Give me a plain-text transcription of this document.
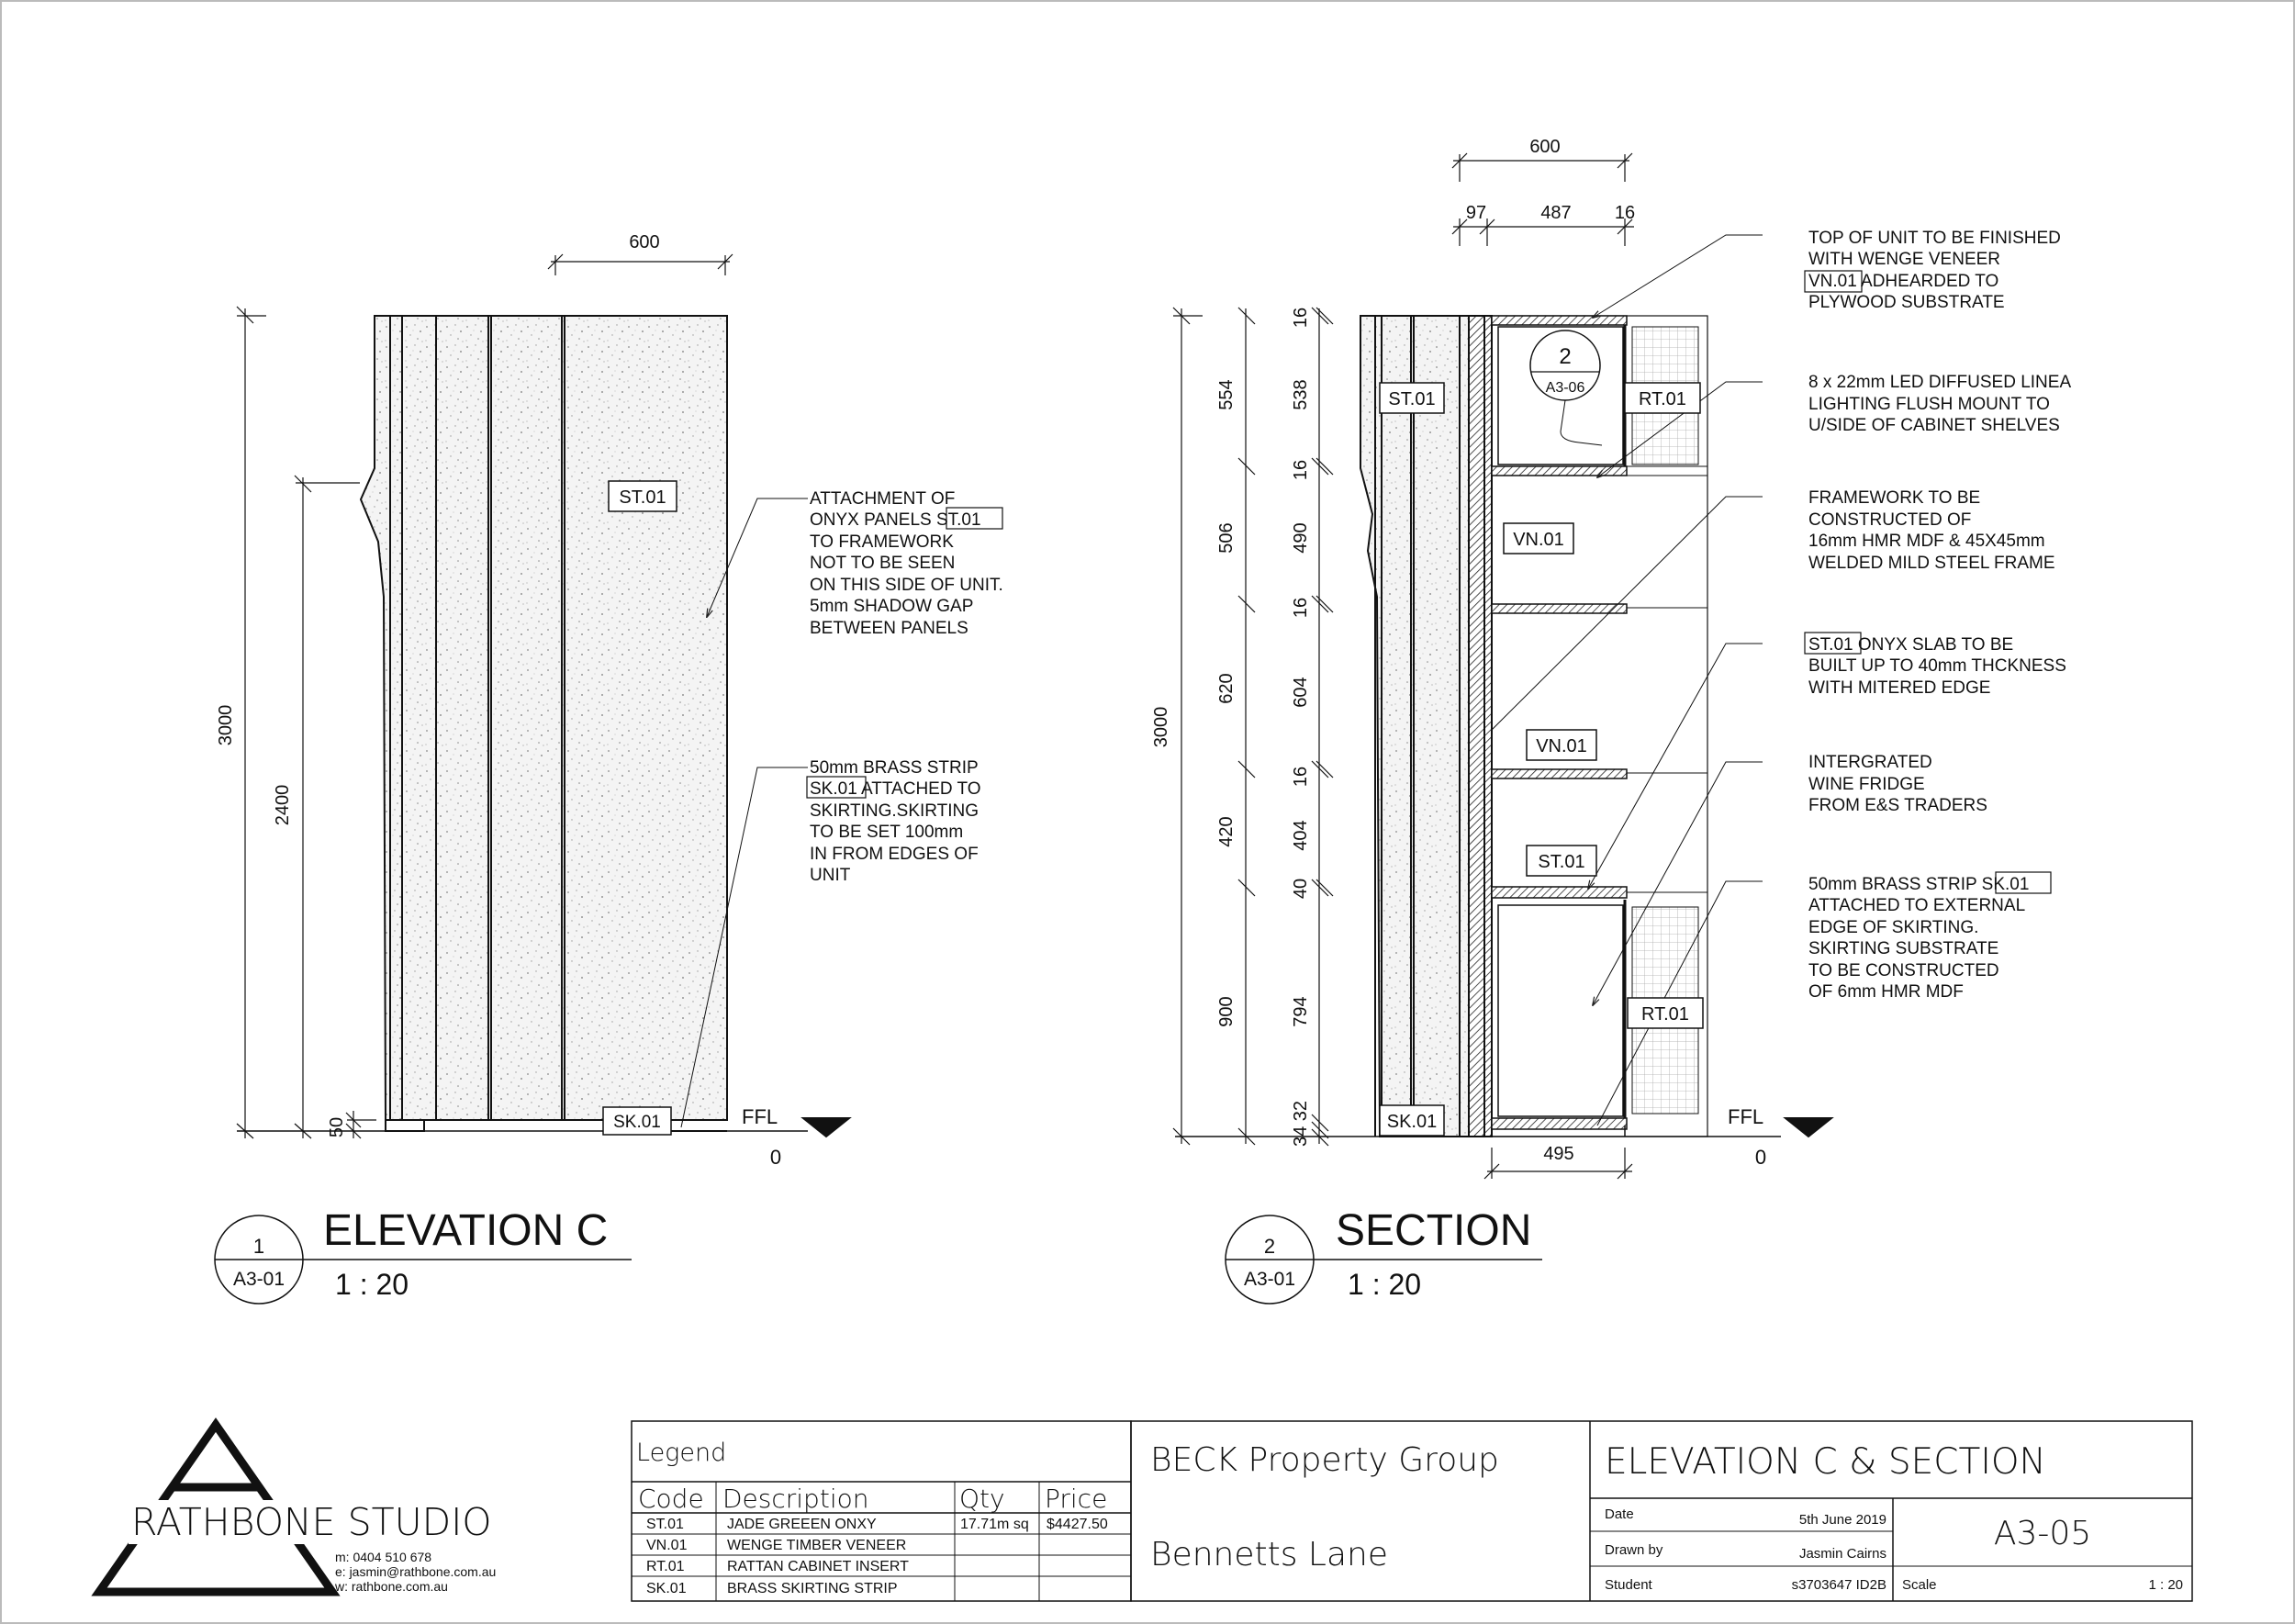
600
3000
2400
50
ST.01
SK.01	FFL
0
ATTACHMENT OF
ONYX PANELS ST.01
TO FRAMEWORK
NOT TO BE SEEN
ON THIS SIDE OF UNIT.
5mm SHADOW GAP
BETWEEN PANELS
50mm BRASS STRIP
SK.01 ATTACHED TO
SKIRTING.SKIRTING
TO BE SET 100mm
IN FROM EDGES OF
UNIT
ELEVATION C
1 : 20
1
A3-01
600
97	487 16
495
3000
554
506
620
420
900
16
538
16
490
16
604
16
404
40
794
34 32
2
A3-06
ST.01	RT.01
VN.01
VN.01
ST.01
RT.01
SK.01	FFL
0
TOP OF UNIT TO BE FINISHED
WITH WENGE VENEER
VN.01 ADHEARDED TO
PLYWOOD SUBSTRATE
8 x 22mm LED DIFFUSED LINEA
LIGHTING FLUSH MOUNT TO
U/SIDE OF CABINET SHELVES
FRAMEWORK TO BE
CONSTRUCTED OF
16mm HMR MDF & 45X45mm
WELDED MILD STEEL FRAME
ST.01 ONYX SLAB TO BE
BUILT UP TO 40mm THCKNESS
WITH MITERED EDGE
INTERGRATED
WINE FRIDGE
FROM E&S TRADERS
50mm BRASS STRIP SK.01
ATTACHED TO EXTERNAL
EDGE OF SKIRTING.
SKIRTING SUBSTRATE
TO BE CONSTRUCTED
OF 6mm HMR MDF
SECTION
1 : 20
2
A3-01
RATHBONE STUDIO
m: 0404 510 678
e: jasmin@rathbone.com.au
w: rathbone.com.au
Legend
Code Description	Qty Price
ST.01	JADE GREEEN ONXY	17.71m sq $4427.50
VN.01	WENGE TIMBER VENEER
RT.01	RATTAN CABINET INSERT
SK.01	BRASS SKIRTING STRIP
BECK Property Group
Bennetts Lane
ELEVATION C & SECTION
A3-05
Date	5th June 2019
Drawn by	Jasmin Cairns
Student	s3703647 ID2B Scale	1 : 20
